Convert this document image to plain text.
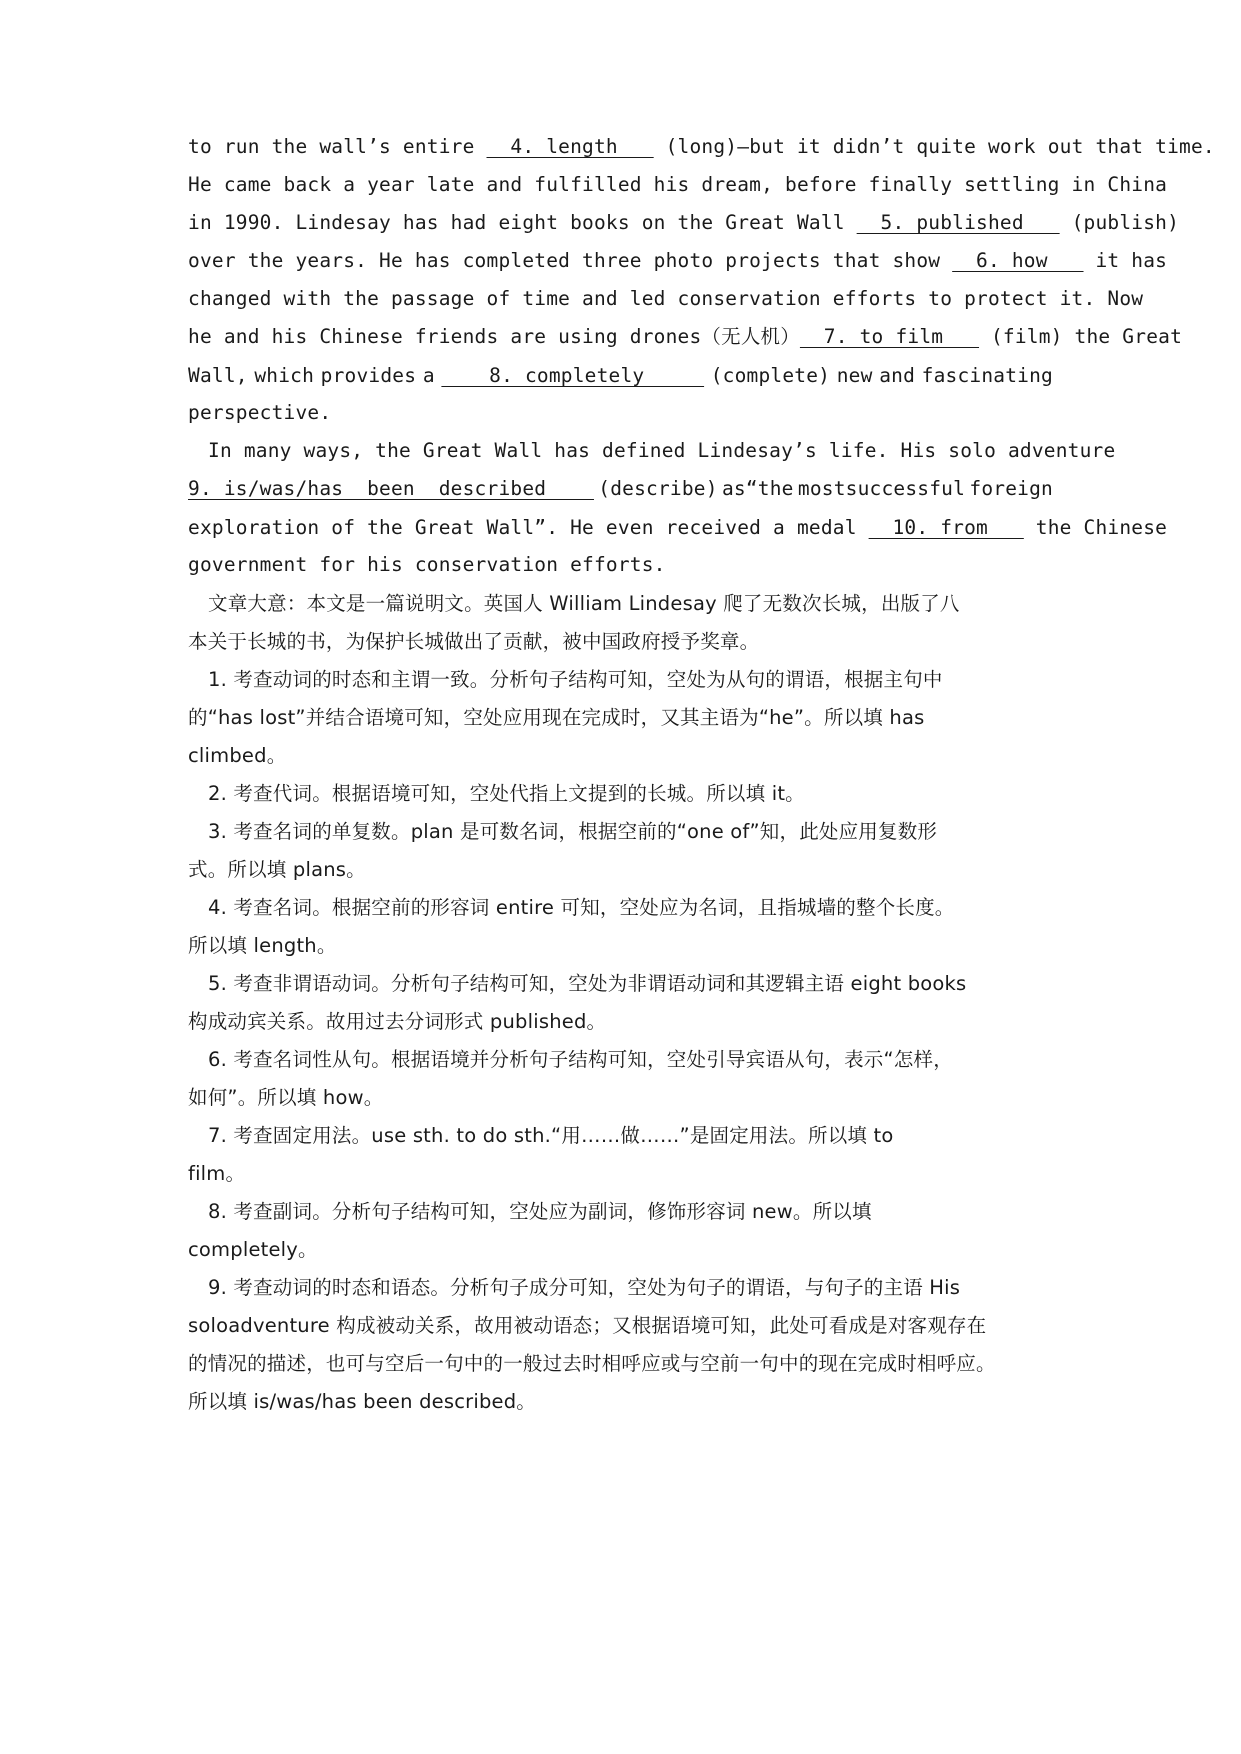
to run the wall’s entire   4. length    (long)—but it didn’t quite work out that time.
He came back a year late and fulfilled his dream, before finally settling in China
in 1990. Lindesay has had eight books on the Great Wall   5. published    (publish)
over the years. He has completed three photo projects that show   6. how    it has
changed with the passage of time and led conservation efforts to protect it. Now
he and his Chinese friends are using drones（无人机）  7. to film    (film) the Great
Wall, which provides a 8. completely (complete) new and fascinating
perspective.
In many ways, the Great Wall has defined Lindesay’s life. His solo adventure
9. is/was/has  been  described (describe) as“the mostsuccessful foreign
exploration of the Great Wall”. He even received a medal   10. from    the Chinese
government for his conservation efforts.
文章大意：本文是一篇说明文。英国人 William Lindesay 爬了无数次长城，出版了八
本关于长城的书，为保护长城做出了贡献，被中国政府授予奖章。
1. 考查动词的时态和主谓一致。分析句子结构可知，空处为从句的谓语，根据主句中
的“has lost”并结合语境可知，空处应用现在完成时，又其主语为“he”。所以填 has
climbed。
2. 考查代词。根据语境可知，空处代指上文提到的长城。所以填 it。
3. 考查名词的单复数。plan 是可数名词，根据空前的“one of”知，此处应用复数形
式。所以填 plans。
4. 考查名词。根据空前的形容词 entire 可知，空处应为名词，且指城墙的整个长度。
所以填 length。
5. 考查非谓语动词。分析句子结构可知，空处为非谓语动词和其逻辑主语 eight books
构成动宾关系。故用过去分词形式 published。
6. 考查名词性从句。根据语境并分析句子结构可知，空处引导宾语从句，表示“怎样，
如何”。所以填 how。
7. 考查固定用法。use sth. to do sth.“用……做……”是固定用法。所以填 to
film。
8. 考查副词。分析句子结构可知，空处应为副词，修饰形容词 new。所以填
completely。
9. 考查动词的时态和语态。分析句子成分可知，空处为句子的谓语，与句子的主语 His
soloadventure 构成被动关系，故用被动语态；又根据语境可知，此处可看成是对客观存在
的情况的描述，也可与空后一句中的一般过去时相呼应或与空前一句中的现在完成时相呼应。
所以填 is/was/has been described。
